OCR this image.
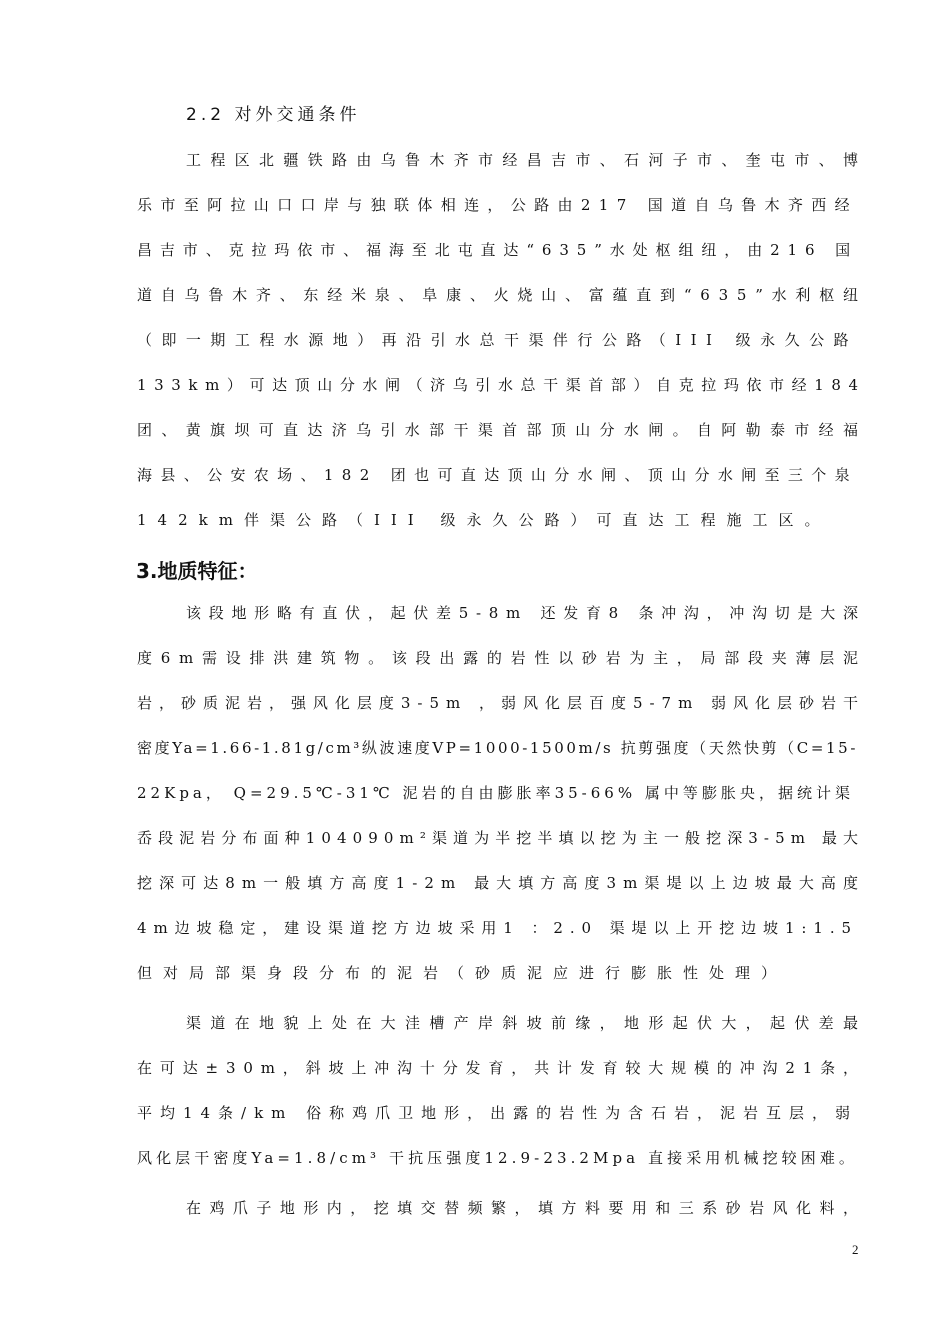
2.2 对外交通条件
工程区北疆铁路由乌鲁木齐市经昌吉市、石河子市、奎屯市、博
乐市至阿拉山口口岸与独联体相连，公路由217 国道自乌鲁木齐西经
昌吉市、克拉玛依市、福海至北屯直达“635”水处枢组纽，由216 国
道自乌鲁木齐、东经米泉、阜康、火烧山、富蕴直到“635”水利枢纽
（即一期工程水源地）再沿引水总干渠伴行公路（III 级永久公路
133km）可达顶山分水闸（济乌引水总干渠首部）自克拉玛依市经184
团、黄旗坝可直达济乌引水部干渠首部顶山分水闸。自阿勒泰市经福
海县、公安农场、182 团也可直达顶山分水闸、顶山分水闸至三个泉
142km伴渠公路（III 级永久公路）可直达工程施工区。
3.地质特征：
该段地形略有直伏，起伏差5-8m 还发育8 条冲沟，冲沟切是大深
度6m需设排洪建筑物。该段出露的岩性以砂岩为主，局部段夹薄层泥
岩，砂质泥岩，强风化层度3-5m ，弱风化层百度5-7m 弱风化层砂岩干
密度Ya=1.66-1.81g/cm³纵波速度VP=1000-1500m/s 抗剪强度（天然快剪（C=15-
22Kpa， Q=29.5℃-31℃ 泥岩的自由膨胀率35-66% 属中等膨胀央，据统计渠
岙段泥岩分布面种104090m²渠道为半挖半填以挖为主一般挖深3-5m 最大
挖深可达8m一般填方高度1-2m 最大填方高度3m渠堤以上边坡最大高度
4m边坡稳定，建设渠道挖方边坡采用1 ：2.0 渠堤以上开挖边坡1:1.5
但对局部渠身段分布的泥岩（砂质泥应进行膨胀性处理）
渠道在地貌上处在大洼槽产岸斜坡前缘，地形起伏大，起伏差最
在可达±30m，斜坡上冲沟十分发育，共计发育较大规模的冲沟21条，
平均14条/km 俗称鸡爪卫地形，出露的岩性为含石岩，泥岩互层，弱
风化层干密度Ya=1.8/cm³ 干抗压强度12.9-23.2Mpa 直接采用机械挖较困难。
在鸡爪子地形内，挖填交替频繁，填方料要用和三系砂岩风化料，
2
